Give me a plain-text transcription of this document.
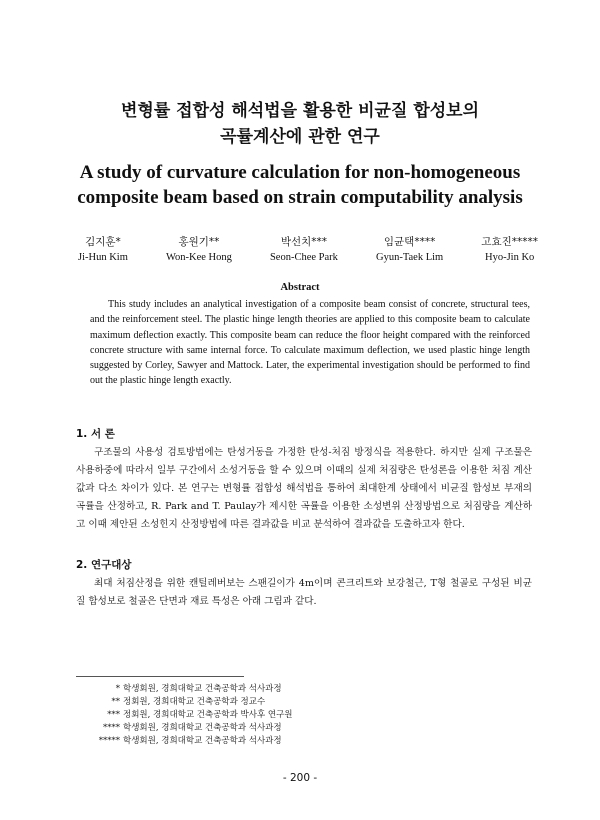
변형률 접합성 해석법을 활용한 비균질 합성보의
곡률계산에 관한 연구
A study of curvature calculation for non-homogeneous
composite beam based on strain computability analysis
김지훈*
Ji-Hun Kim
홍원기**
Won-Kee Hong
박선치***
Seon-Chee Park
임균택****
Gyun-Taek Lim
고효진*****
Hyo-Jin Ko
Abstract
This study includes an analytical investigation of a composite beam consist of concrete, structural tees, and the reinforcement steel. The plastic hinge length theories are applied to this composite beam to calculate maximum deflection exactly. This composite beam can reduce the floor height compared with the reinforced concrete structure with same internal force. To calculate maximum deflection, we used plastic hinge length suggested by Corley, Sawyer and Mattock. Later, the experimental investigation should be performed to find out the plastic hinge length exactly.
1. 서 론
구조물의 사용성 검토방법에는 탄성거동을 가정한 탄성-처짐 방정식을 적용한다. 하지만 실제 구조물은 사용하중에 따라서 일부 구간에서 소성거동을 할 수 있으며 이때의 실제 처짐량은 탄성론을 이용한 처짐 계산값과 다소 차이가 있다. 본 연구는 변형률 접합성 해석법을 통하여 최대한계 상태에서 비균질 합성보 부재의 곡률을 산정하고, R. Park and T. Paulay가 제시한 곡률을 이용한 소성변위 산정방법으로 처짐량을 계산하고 이때 제안된 소성힌지 산정방법에 따른 결과값을 비교 분석하여 결과값을 도출하고자 한다.
2. 연구대상
최대 처짐산정을 위한 캔틸레버보는 스팬길이가 4m이며 콘크리트와 보강철근, T형 철골로 구성된 비균질 합성보로 철골은 단면과 재료 특성은 아래 그림과 같다.
* 학생회원, 경희대학교 건축공학과 석사과정
** 정회원, 경희대학교 건축공학과 정교수
*** 정회원, 경희대학교 건축공학과 박사후 연구원
**** 학생회원, 경희대학교 건축공학과 석사과정
***** 학생회원, 경희대학교 건축공학과 석사과정
- 200 -
